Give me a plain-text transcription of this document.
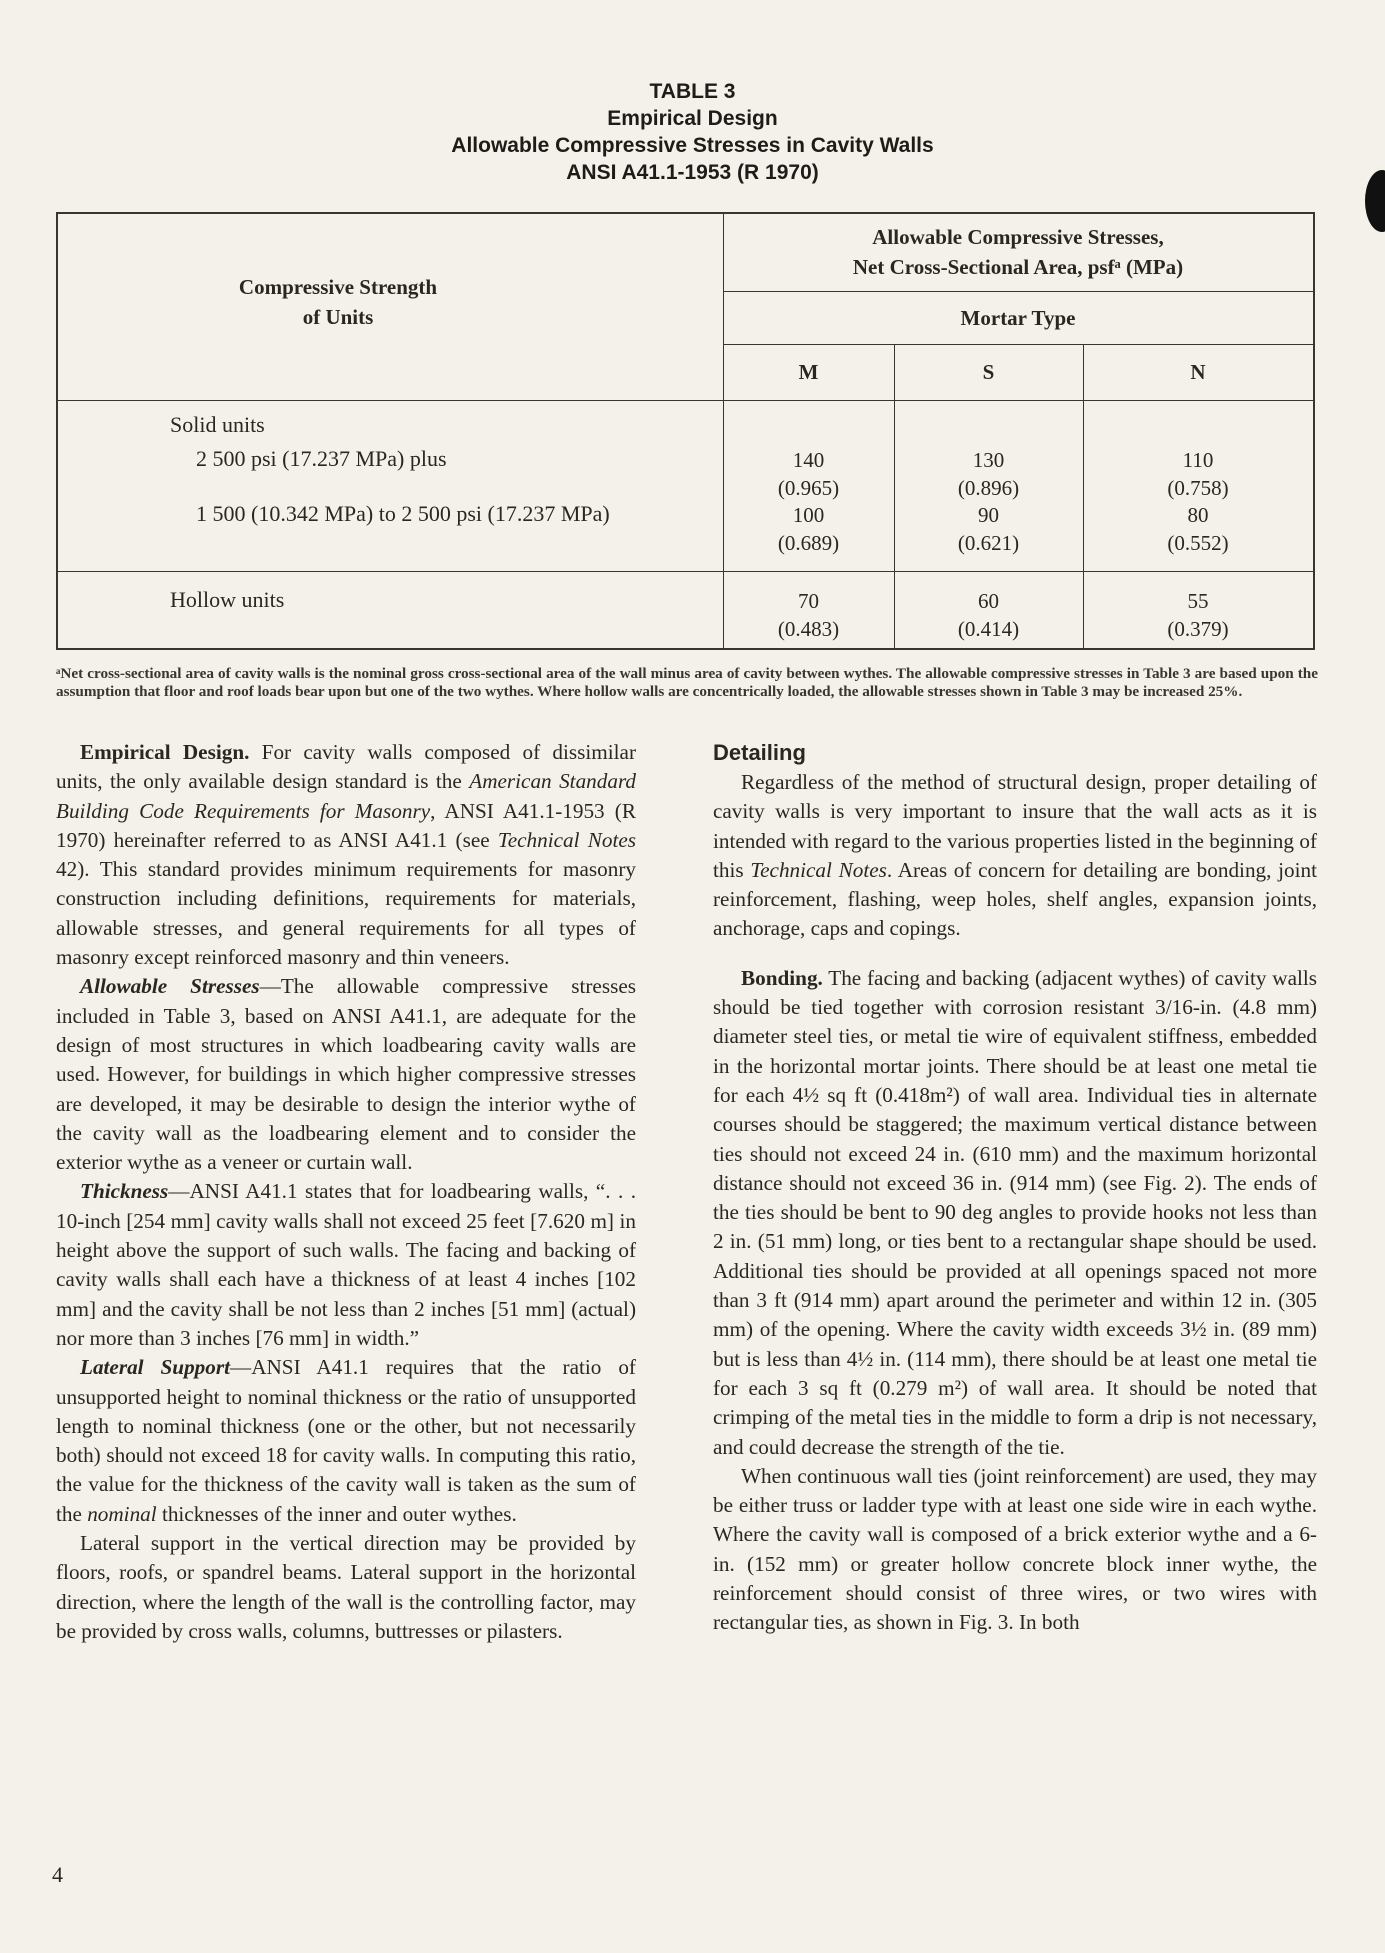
TABLE 3
Empirical Design
Allowable Compressive Stresses in Cavity Walls
ANSI A41.1-1953 (R 1970)
Compressive Strength
of Units
Allowable Compressive Stresses,
Net Cross-Sectional Area, psfᵃ (MPa)
Mortar Type
M	S	N
Solid units
2 500 psi (17.237 MPa) plus
1 500 (10.342 MPa) to 2 500 psi (17.237 MPa)
Hollow units
140
(0.965)
130
(0.896)
110
(0.758)
100
(0.689)
90
(0.621)
80
(0.552)
70
(0.483)
60
(0.414)
55
(0.379)
ᵃNet cross-sectional area of cavity walls is the nominal gross cross-sectional area of the wall minus area of cavity between wythes. The allowable compressive stresses in Table 3 are based upon the assumption that floor and roof loads bear upon but one of the two wythes. Where hollow walls are concentrically loaded, the allowable stresses shown in Table 3 may be increased 25%.

Empirical Design. For cavity walls composed of dissimilar units, the only available design standard is the American Standard Building Code Requirements for Masonry, ANSI A41.1-1953 (R 1970) hereinafter referred to as ANSI A41.1 (see Technical Notes 42). This standard provides minimum requirements for masonry construction including definitions, requirements for materials, allowable stresses, and general requirements for all types of masonry except reinforced masonry and thin veneers.

Allowable Stresses—The allowable compressive stresses included in Table 3, based on ANSI A41.1, are adequate for the design of most structures in which loadbearing cavity walls are used. However, for buildings in which higher compressive stresses are developed, it may be desirable to design the interior wythe of the cavity wall as the loadbearing element and to consider the exterior wythe as a veneer or curtain wall.

Thickness—ANSI A41.1 states that for loadbearing walls, “. . . 10-inch [254 mm] cavity walls shall not exceed 25 feet [7.620 m] in height above the support of such walls. The facing and backing of cavity walls shall each have a thickness of at least 4 inches [102 mm] and the cavity shall be not less than 2 inches [51 mm] (actual) nor more than 3 inches [76 mm] in width.”

Lateral Support—ANSI A41.1 requires that the ratio of unsupported height to nominal thickness or the ratio of unsupported length to nominal thickness (one or the other, but not necessarily both) should not exceed 18 for cavity walls. In computing this ratio, the value for the thickness of the cavity wall is taken as the sum of the nominal thicknesses of the inner and outer wythes.

Lateral support in the vertical direction may be provided by floors, roofs, or spandrel beams. Lateral support in the horizontal direction, where the length of the wall is the controlling factor, may be provided by cross walls, columns, buttresses or pilasters.

Detailing

Regardless of the method of structural design, proper detailing of cavity walls is very important to insure that the wall acts as it is intended with regard to the various properties listed in the beginning of this Technical Notes. Areas of concern for detailing are bonding, joint reinforcement, flashing, weep holes, shelf angles, expansion joints, anchorage, caps and copings.

Bonding. The facing and backing (adjacent wythes) of cavity walls should be tied together with corrosion resistant 3/16-in. (4.8 mm) diameter steel ties, or metal tie wire of equivalent stiffness, embedded in the horizontal mortar joints. There should be at least one metal tie for each 4½ sq ft (0.418m²) of wall area. Individual ties in alternate courses should be staggered; the maximum vertical distance between ties should not exceed 24 in. (610 mm) and the maximum horizontal distance should not exceed 36 in. (914 mm) (see Fig. 2). The ends of the ties should be bent to 90 deg angles to provide hooks not less than 2 in. (51 mm) long, or ties bent to a rectangular shape should be used. Additional ties should be provided at all openings spaced not more than 3 ft (914 mm) apart around the perimeter and within 12 in. (305 mm) of the opening. Where the cavity width exceeds 3½ in. (89 mm) but is less than 4½ in. (114 mm), there should be at least one metal tie for each 3 sq ft (0.279 m²) of wall area. It should be noted that crimping of the metal ties in the middle to form a drip is not necessary, and could decrease the strength of the tie.

When continuous wall ties (joint reinforcement) are used, they may be either truss or ladder type with at least one side wire in each wythe. Where the cavity wall is composed of a brick exterior wythe and a 6-in. (152 mm) or greater hollow concrete block inner wythe, the reinforcement should consist of three wires, or two wires with rectangular ties, as shown in Fig. 3. In both

4
